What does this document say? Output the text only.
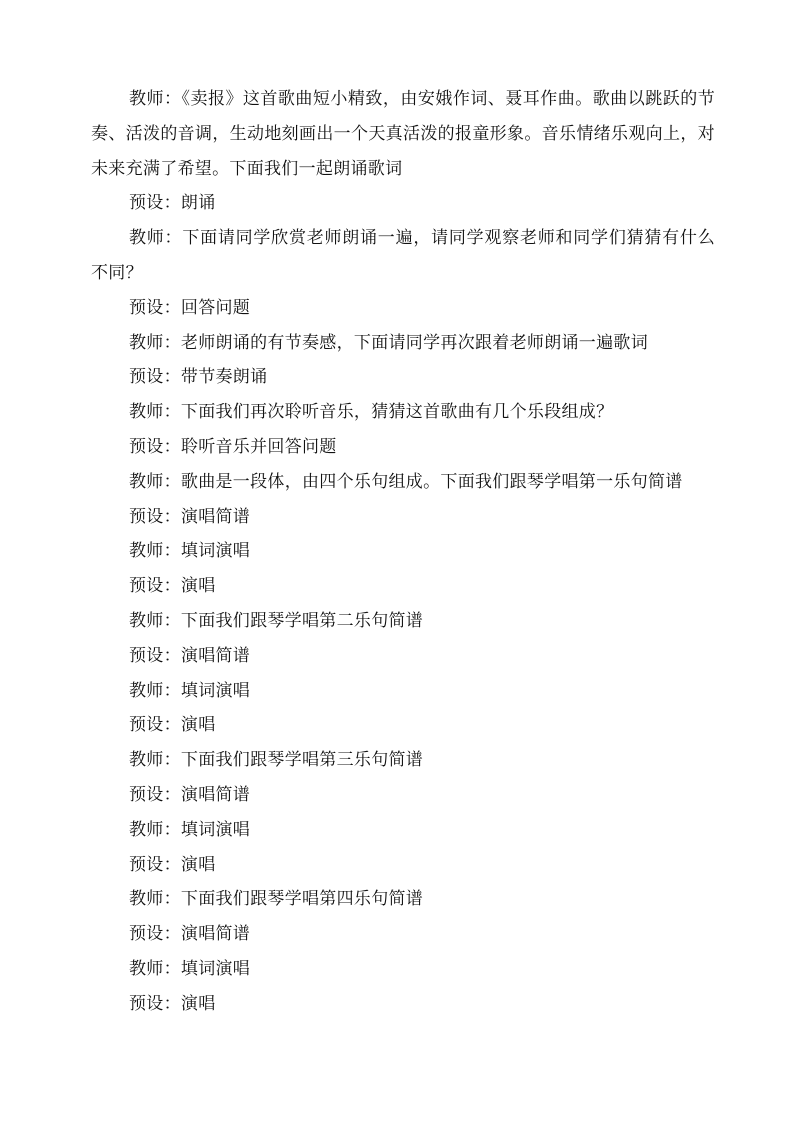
教师：《卖报》这首歌曲短小精致，由安娥作词、聂耳作曲。歌曲以跳跃的节奏、活泼的音调，生动地刻画出一个天真活泼的报童形象。音乐情绪乐观向上，对未来充满了希望。下面我们一起朗诵歌词

预设：朗诵

教师：下面请同学欣赏老师朗诵一遍，请同学观察老师和同学们猜猜有什么不同？

预设：回答问题

教师：老师朗诵的有节奏感，下面请同学再次跟着老师朗诵一遍歌词

预设：带节奏朗诵

教师：下面我们再次聆听音乐，猜猜这首歌曲有几个乐段组成？

预设：聆听音乐并回答问题

教师：歌曲是一段体，由四个乐句组成。下面我们跟琴学唱第一乐句简谱

预设：演唱简谱

教师：填词演唱

预设：演唱

教师：下面我们跟琴学唱第二乐句简谱

预设：演唱简谱

教师：填词演唱

预设：演唱

教师：下面我们跟琴学唱第三乐句简谱

预设：演唱简谱

教师：填词演唱

预设：演唱

教师：下面我们跟琴学唱第四乐句简谱

预设：演唱简谱

教师：填词演唱

预设：演唱
